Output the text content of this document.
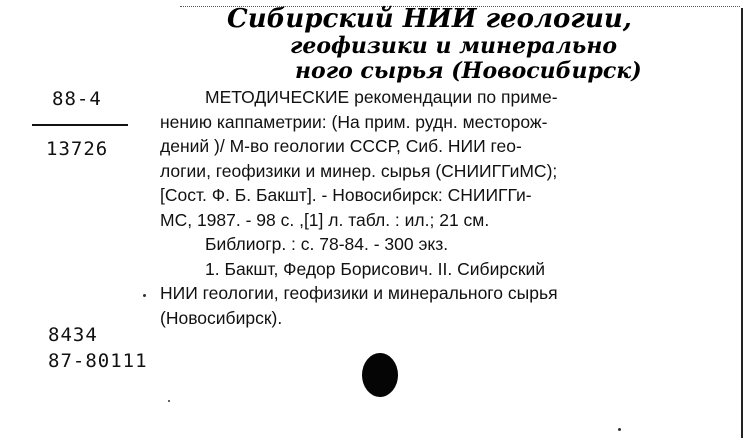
Сибирский НИИ геологии,
геофизики и минерально
ного сырья (Новосибирск)
88-4
13726
8434
87-80111
МЕТОДИЧЕСКИЕ рекомендации по приме-
нению каппаметрии: (На прим. рудн. месторож-
дений )/ М-во геологии СССР, Сиб. НИИ гео-
логии, геофизики и минер. сырья (СНИИГГиМС);
[Сост. Ф. Б. Бакшт]. - Новосибирск: СНИИГГи-
МС, 1987. - 98 с. ,[1] л. табл. : ил.; 21 см.
Библиогр. : с. 78-84. - 300 экз.
1. Бакшт, Федор Борисович. II. Сибирский
НИИ геологии, геофизики и минерального сырья
(Новосибирск).
